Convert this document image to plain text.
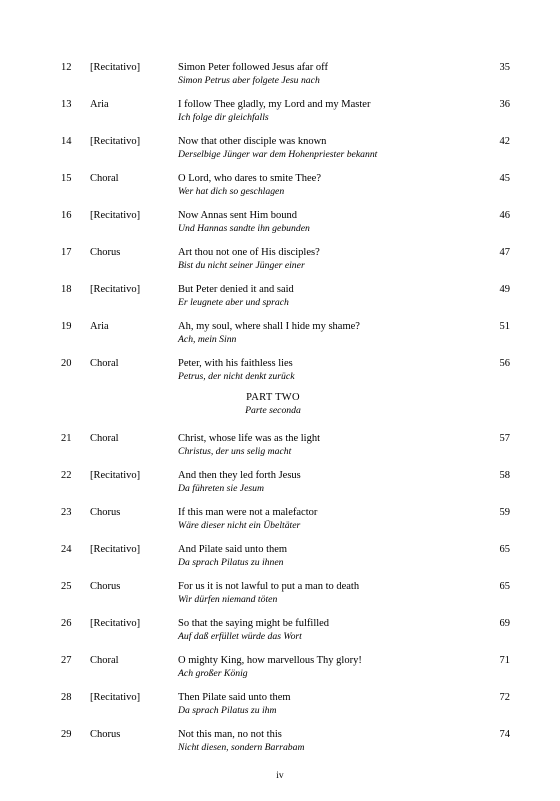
12 [Recitativo]	Simon Peter followed Jesus afar off
Simon Petrus aber folgete Jesu nach
35
13 Aria	I follow Thee gladly, my Lord and my Master
Ich folge dir gleichfalls
36
14 [Recitativo]	Now that other disciple was known
Derselbige Jünger war dem Hohenpriester bekannt
42
15 Choral	O Lord, who dares to smite Thee?
Wer hat dich so geschlagen
45
16 [Recitativo]	Now Annas sent Him bound
Und Hannas sandte ihn gebunden
46
17 Chorus	Art thou not one of His disciples?
Bist du nicht seiner Jünger einer
47
18 [Recitativo]	But Peter denied it and said
Er leugnete aber und sprach
49
19 Aria	Ah, my soul, where shall I hide my shame?
Ach, mein Sinn
51
20 Choral	Peter, with his faithless lies
Petrus, der nicht denkt zurück
56
PART TWO
Parte seconda
21 Choral	Christ, whose life was as the light
Christus, der uns selig macht
57
22 [Recitativo]	And then they led forth Jesus
Da führeten sie Jesum
58
23 Chorus	If this man were not a malefactor
Wäre dieser nicht ein Übeltäter
59
24 [Recitativo]	And Pilate said unto them
Da sprach Pilatus zu ihnen
65
25 Chorus	For us it is not lawful to put a man to death
Wir dürfen niemand töten
65
26 [Recitativo]	So that the saying might be fulfilled
Auf daß erfüllet würde das Wort
69
27 Choral	O mighty King, how marvellous Thy glory!
Ach großer König
71
28 [Recitativo]	Then Pilate said unto them
Da sprach Pilatus zu ihm
72
29 Chorus	Not this man, no not this
Nicht diesen, sondern Barrabam
74
iv
